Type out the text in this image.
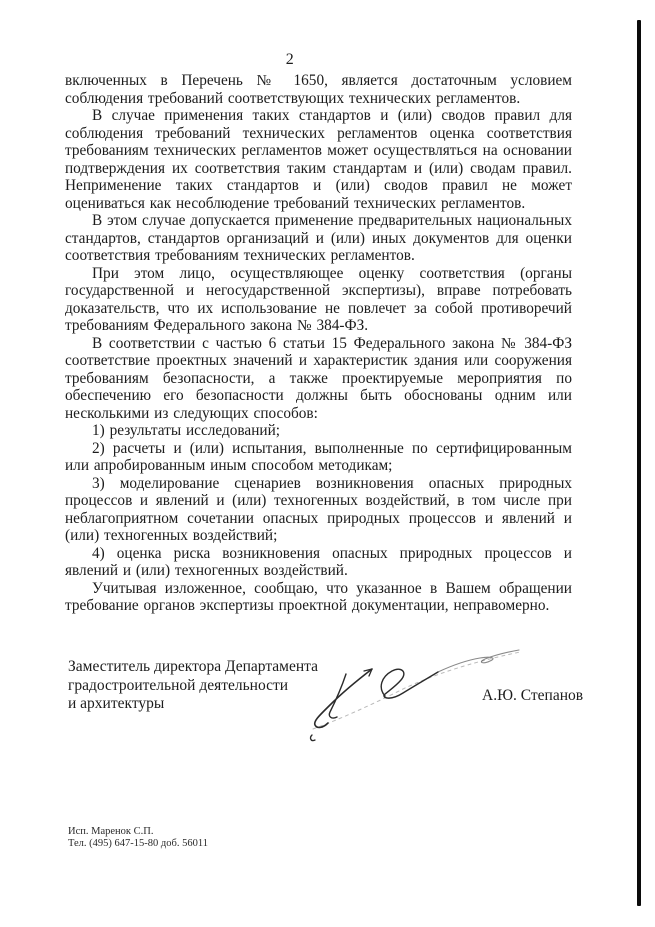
2

включенных в Перечень № 1650, является достаточным условием соблюдения требований соответствующих технических регламентов.

В случае применения таких стандартов и (или) сводов правил для соблюдения требований технических регламентов оценка соответствия требованиям технических регламентов может осуществляться на основании подтверждения их соответствия таким стандартам и (или) сводам правил. Неприменение таких стандартов и (или) сводов правил не может оцениваться как несоблюдение требований технических регламентов.

В этом случае допускается применение предварительных национальных стандартов, стандартов организаций и (или) иных документов для оценки соответствия требованиям технических регламентов.

При этом лицо, осуществляющее оценку соответствия (органы государственной и негосударственной экспертизы), вправе потребовать доказательств, что их использование не повлечет за собой противоречий требованиям Федерального закона № 384-ФЗ.

В соответствии с частью 6 статьи 15 Федерального закона № 384-ФЗ соответствие проектных значений и характеристик здания или сооружения требованиям безопасности, а также проектируемые мероприятия по обеспечению его безопасности должны быть обоснованы одним или несколькими из следующих способов:

1) результаты исследований;

2) расчеты и (или) испытания, выполненные по сертифицированным или апробированным иным способом методикам;

3) моделирование сценариев возникновения опасных природных процессов и явлений и (или) техногенных воздействий, в том числе при неблагоприятном сочетании опасных природных процессов и явлений и (или) техногенных воздействий;

4) оценка риска возникновения опасных природных процессов и явлений и (или) техногенных воздействий.

Учитывая изложенное, сообщаю, что указанное в Вашем обращении требование органов экспертизы проектной документации, неправомерно.

Заместитель директора Департамента
градостроительной деятельности
и архитектуры	А.Ю. Степанов
Исп. Маренок С.П.
Тел. (495) 647-15-80 доб. 56011
